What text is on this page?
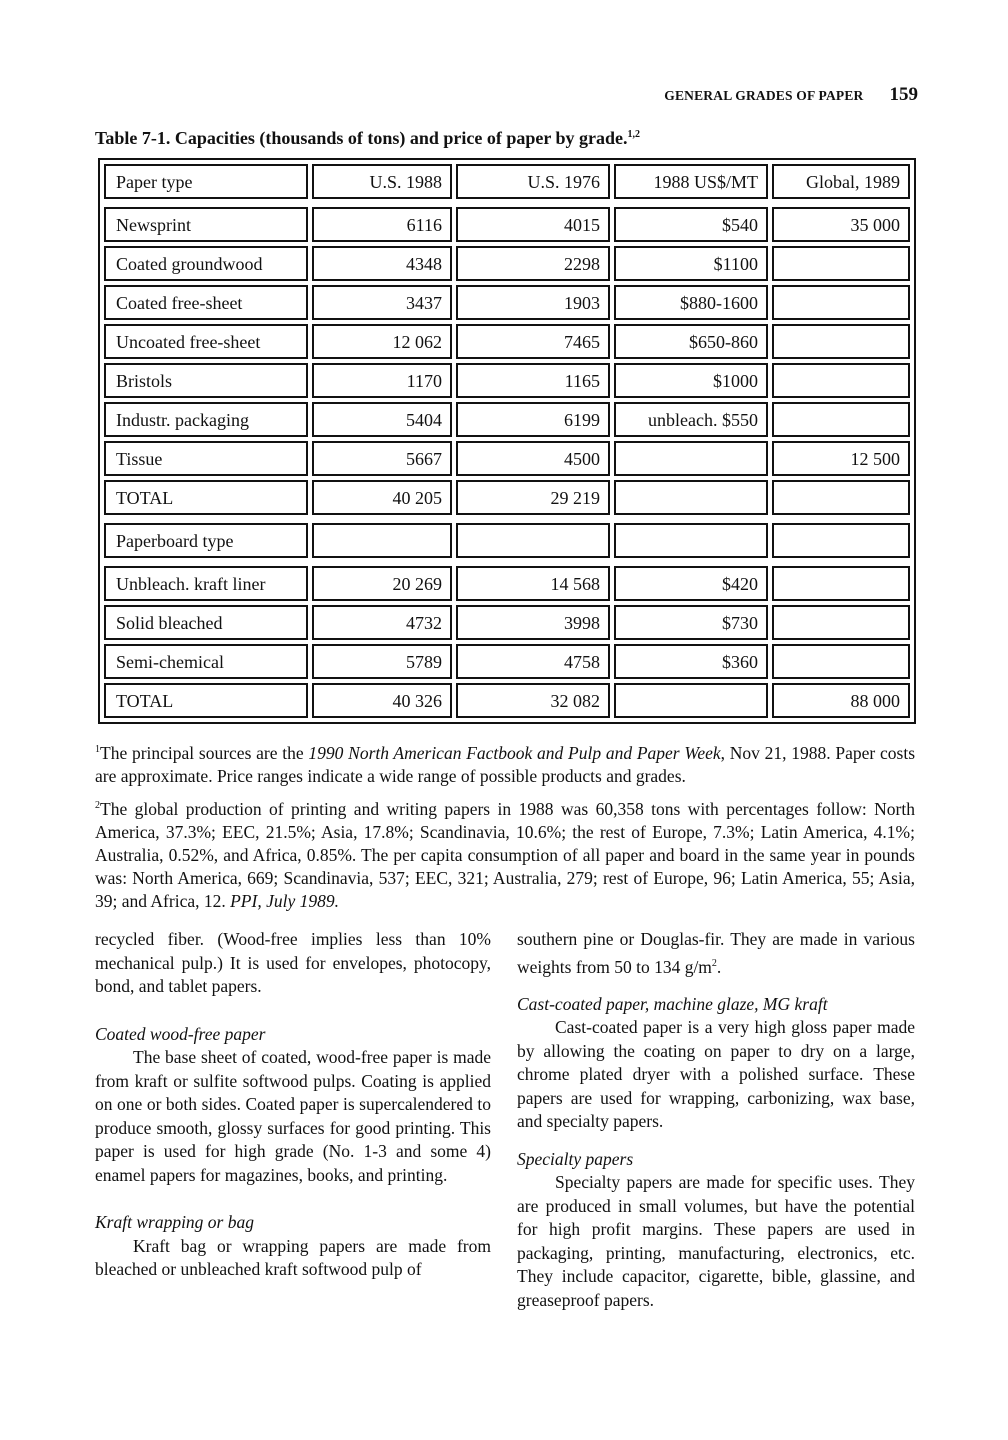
GENERAL GRADES OF PAPER 159
Table 7-1. Capacities (thousands of tons) and price of paper by grade.$^{1,2}$
Paper type	U.S. 1988	U.S. 1976	1988 US$/MT	Global, 1989

Newsprint	6116	4015	$540	35 000
Coated groundwood	4348	2298	$1100	
Coated free-sheet	3437	1903	$880-1600	
Uncoated free-sheet	12 062	7465	$650-860	
Bristols	1170	1165	$1000	
Industr. packaging	5404	6199	unbleach. $550	
Tissue	5667	4500		12 500
TOTAL	40 205	29 219		

Paperboard type				

Unbleach. kraft liner	20 269	14 568	$420	
Solid bleached	4732	3998	$730	
Semi-chemical	5789	4758	$360	
TOTAL	40 326	32 082		88 000

$^1$The principal sources are the 1990 North American Factbook and Pulp and Paper Week, Nov 21, 1988. Paper costs are approximate. Price ranges indicate a wide range of possible products and grades.

$^2$The global production of printing and writing papers in 1988 was 60,358 tons with percentages follow: North America, 37.3%; EEC, 21.5%; Asia, 17.8%; Scandinavia, 10.6%; the rest of Europe, 7.3%; Latin America, 4.1%; Australia, 0.52%, and Africa, 0.85%. The per capita consumption of all paper and board in the same year in pounds was: North America, 669; Scandinavia, 537; EEC, 321; Australia, 279; rest of Europe, 96; Latin America, 55; Asia, 39; and Africa, 12. PPI, July 1989.

recycled fiber. (Wood-free implies less than 10% mechanical pulp.) It is used for envelopes, photocopy, bond, and tablet papers.

Coated wood-free paper

The base sheet of coated, wood-free paper is made from kraft or sulfite softwood pulps. Coating is applied on one or both sides. Coated paper is supercalendered to produce smooth, glossy surfaces for good printing. This paper is used for high grade (No. 1-3 and some 4) enamel papers for magazines, books, and printing.

Kraft wrapping or bag

Kraft bag or wrapping papers are made from bleached or unbleached kraft softwood pulp of

southern pine or Douglas-fir. They are made in various weights from 50 to 134 $g/m^2$.

Cast-coated paper, machine glaze, MG kraft

Cast-coated paper is a very high gloss paper made by allowing the coating on paper to dry on a large, chrome plated dryer with a polished surface. These papers are used for wrapping, carbonizing, wax base, and specialty papers.

Specialty papers

Specialty papers are made for specific uses. They are produced in small volumes, but have the potential for high profit margins. These papers are used in packaging, printing, manufacturing, electronics, etc. They include capacitor, cigarette, bible, glassine, and greaseproof papers.
